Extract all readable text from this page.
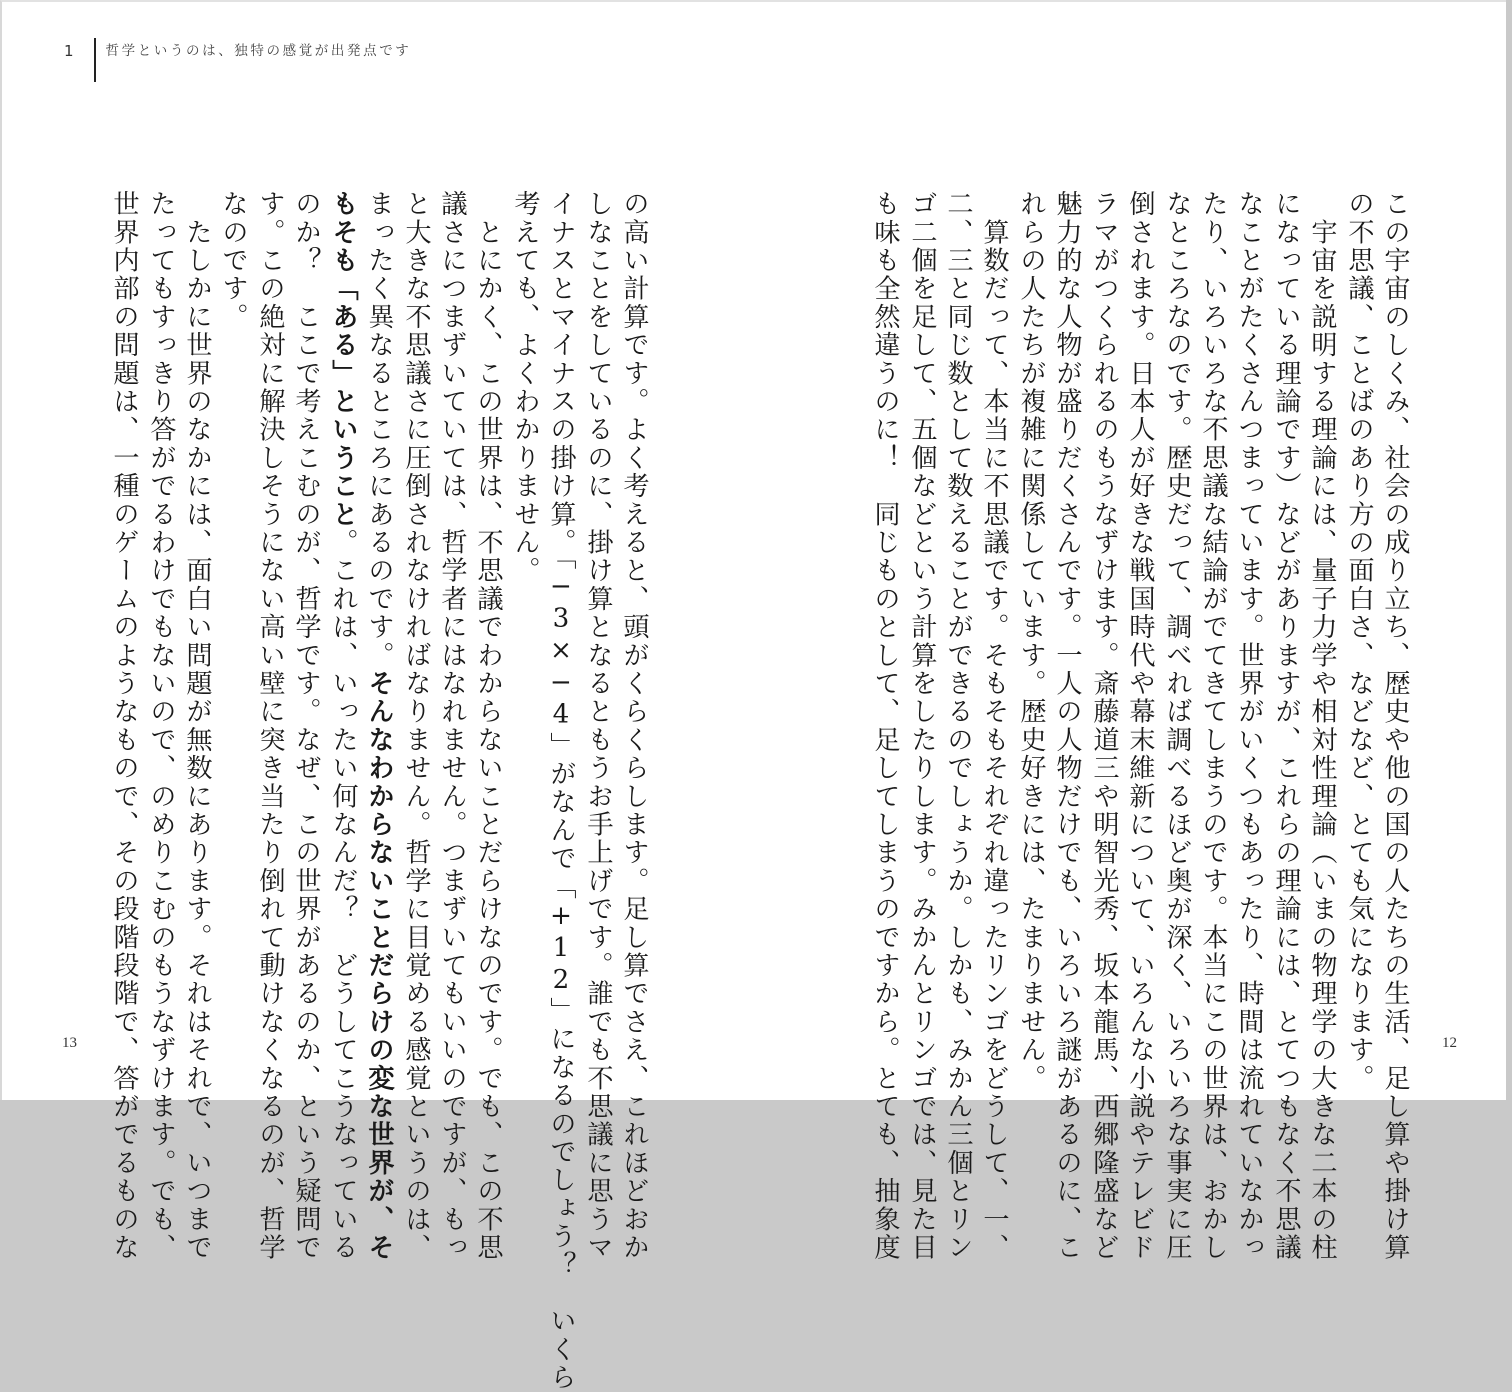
1	哲学というのは、独特の感覚が出発点です
この宇宙のしくみ、社会の成り立ち、歴史や他の国の人たちの生活、足し算や掛け算
の不思議、ことばのあり方の面白さ、などなど、とても気になります。
　宇宙を説明する理論には、量子力学や相対性理論（いまの物理学の大きな二本の柱
になっている理論です）などがありますが、これらの理論には、とてつもなく不思議
なことがたくさんつまっています。世界がいくつもあったり、時間は流れていなかっ
たり、いろいろな不思議な結論がでてきてしまうのです。本当にこの世界は、おかし
なところなのです。歴史だって、調べれば調べるほど奥が深く、いろいろな事実に圧
倒されます。日本人が好きな戦国時代や幕末維新について、いろんな小説やテレビド
ラマがつくられるのもうなずけます。斎藤道三や明智光秀、坂本龍馬、西郷隆盛など
魅力的な人物が盛りだくさんです。一人の人物だけでも、いろいろ謎があるのに、こ
れらの人たちが複雑に関係しています。歴史好きには、たまりません。
　算数だって、本当に不思議です。そもそもそれぞれ違ったリンゴをどうして、一、
二、三と同じ数として数えることができるのでしょうか。しかも、みかん三個とリン
ゴ二個を足して、五個などという計算をしたりします。みかんとリンゴでは、見た目
も味も全然違うのに！　同じものとして、足してしまうのですから。とても、抽象度
の高い計算です。よく考えると、頭がくらくらします。足し算でさえ、これほどおか
しなことをしているのに、掛け算となるともうお手上げです。誰でも不思議に思うマ
イナスとマイナスの掛け算。「−3×−4」がなんで「+12」になるのでしょう？　いくら
考えても、よくわかりません。
　とにかく、この世界は、不思議でわからないことだらけなのです。でも、この不思
議さにつまずいていては、哲学者にはなれません。つまずいてもいいのですが、もっ
と大きな不思議さに圧倒されなければなりません。哲学に目覚める感覚というのは、
まったく異なるところにあるのです。そんなわからないことだらけの変な世界が、そ
もそも「ある」ということ。これは、いったい何なんだ？　どうしてこうなっている
のか？　ここで考えこむのが、哲学です。なぜ、この世界があるのか、という疑問で
す。この絶対に解決しそうにない高い壁に突き当たり倒れて動けなくなるのが、哲学
なのです。
　たしかに世界のなかには、面白い問題が無数にあります。それはそれで、いつまで
たってもすっきり答がでるわけでもないので、のめりこむのもうなずけます。でも、
世界内部の問題は、一種のゲームのようなもので、その段階段階で、答がでるものな
13	12
